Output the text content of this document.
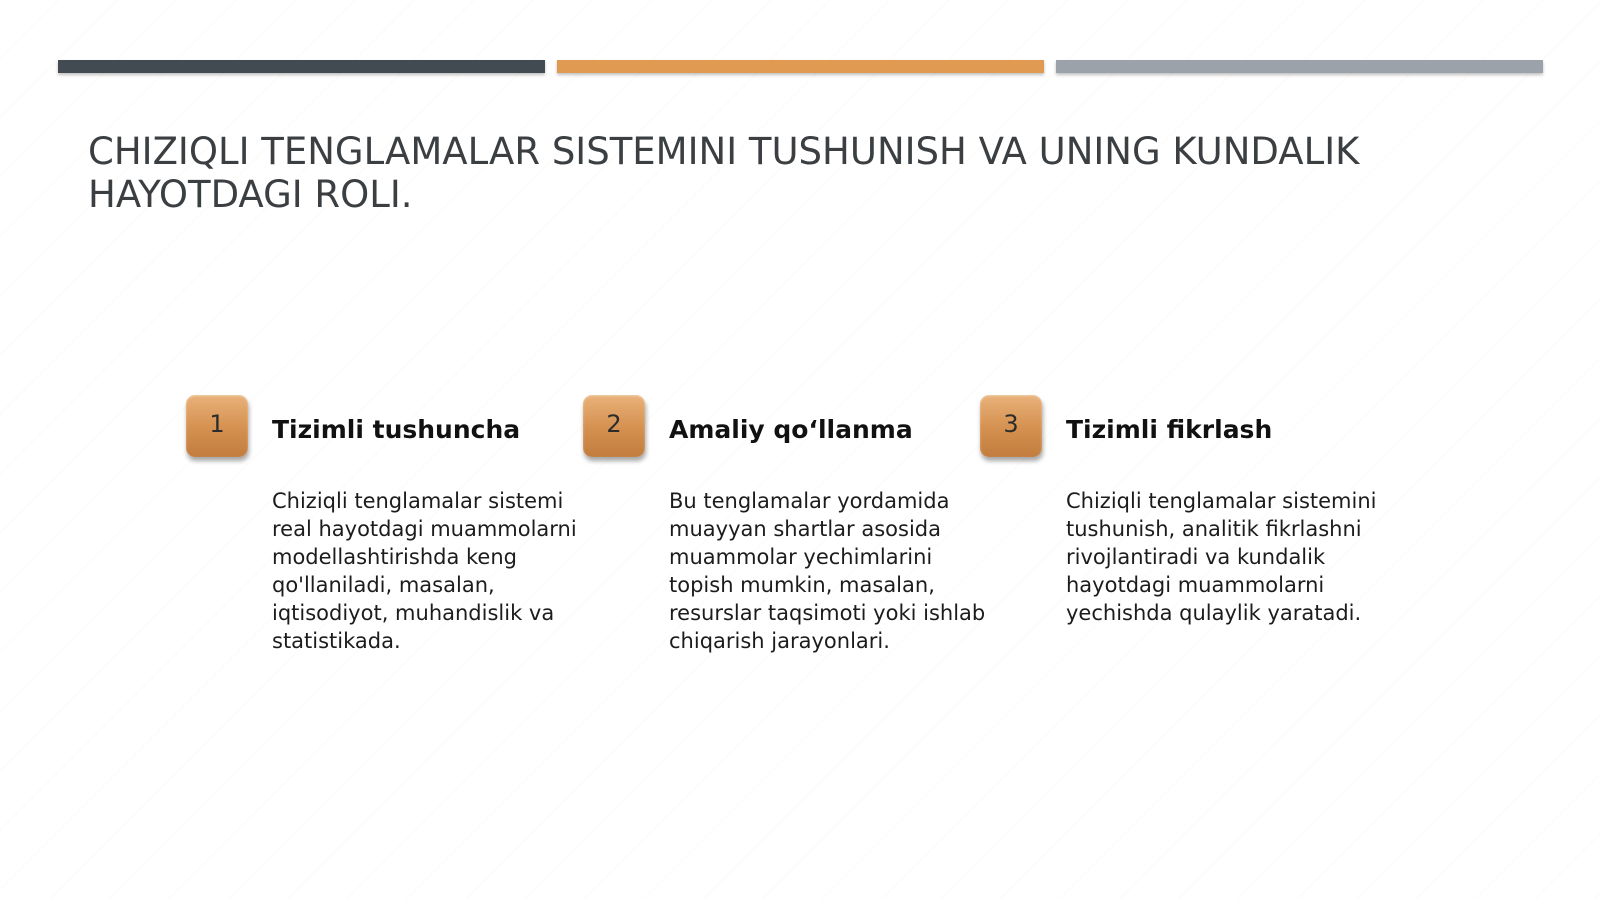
CHIZIQLI TENGLAMALAR SISTEMINI TUSHUNISH VA UNING KUNDALIK HAYOTDAGI ROLI.
1 Tizimli tushuncha

Chiziqli tenglamalar sistemi real hayotdagi muammolarni modellashtirishda keng qo'llaniladi, masalan, iqtisodiyot, muhandislik va statistikada.

2 Amaliy qo‘llanma

Bu tenglamalar yordamida muayyan shartlar asosida muammolar yechimlarini topish mumkin, masalan, resurslar taqsimoti yoki ishlab chiqarish jarayonlari.

3 Tizimli fikrlash

Chiziqli tenglamalar sistemini tushunish, analitik fikrlashni rivojlantiradi va kundalik hayotdagi muammolarni yechishda qulaylik yaratadi.
